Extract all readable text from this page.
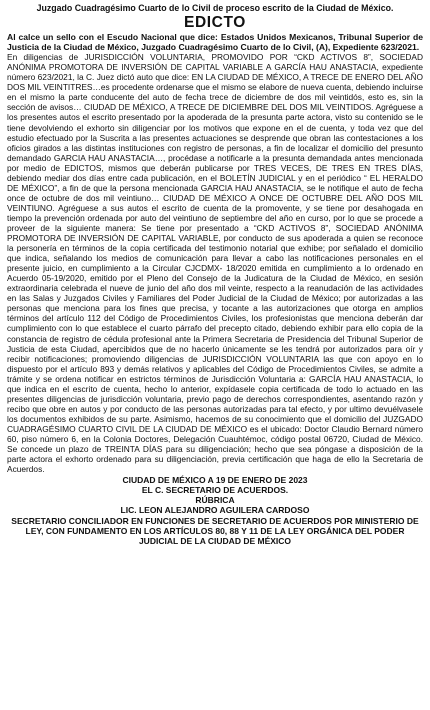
Juzgado Cuadragésimo Cuarto de lo Civil de proceso escrito de la Ciudad de México.
EDICTO
Al calce un sello con el Escudo Nacional que dice: Estados Unidos Mexicanos, Tribunal Superior de Justicia de la Ciudad de México, Juzgado Cuadragésimo Cuarto de lo Civil, (A), Expediente 623/2021.

En diligencias de JURISDICCIÓN VOLUNTARIA, PROMOVIDO POR “CKD ACTIVOS 8”, SOCIEDAD ANÓNIMA PROMOTORA DE INVERSIÓN DE CAPITAL VARIABLE A GARCÍA HAU ANASTACIA, expediente número 623/2021, la C. Juez dictó auto que dice: EN LA CIUDAD DE MÉXICO, A TRECE DE ENERO DEL AÑO DOS MIL VEINTITRES…es procedente ordenarse que el mismo se elabore de nueva cuenta, debiendo incluirse en el mismo la parte conducente del auto de fecha trece de diciembre de dos mil veintidós, esto es, sin la sección de avisos… CIUDAD DE MÉXICO, A TRECE DE DICIEMBRE DEL DOS MIL VEINTIDOS. Agréguese a los presentes autos el escrito presentado por la apoderada de la presunta parte actora, visto su contenido se le tiene devolviendo el exhorto sin diligenciar por los motivos que expone en el de cuenta, y toda vez que del estudio efectuado por la Suscrita a las presentes actuaciones se desprende que obran las contestaciones a los oficios girados a las distintas instituciones con registro de personas, a fin de localizar el domicilio del presunto demandado GARCIA HAU ANASTACIA…, procédase a notificarle a la presunta demandada antes mencionada por medio de EDICTOS, mismos que deberán publicarse por TRES VECES, DE TRES EN TRES DÍAS, debiendo mediar dos días entre cada publicación, en el BOLETÍN JUDICIAL y en el periódico “ EL HERALDO DE MÉXICO”, a fin de que la persona mencionada GARCIA HAU ANASTACIA, se le notifique el auto de fecha once de octubre de dos mil veintiuno… CIUDAD DE MÉXICO A ONCE DE OCTUBRE DEL AÑO DOS MIL VEINTIUNO. Agréguese a sus autos el escrito de cuenta de la promovente, y se tiene por desahogada en tiempo la prevención ordenada por auto del veintiuno de septiembre del año en curso, por lo que se procede a proveer de la siguiente manera: Se tiene por presentado a “CKD ACTIVOS 8”, SOCIEDAD ANÓNIMA PROMOTORA DE INVERSIÓN DE CAPITAL VARIABLE, por conducto de sus apoderada a quien se reconoce la personería en términos de la copia certificada del testimonio notarial que exhibe; por señalado el domicilio que indica, señalando los medios de comunicación para llevar a cabo las notificaciones personales en el presente juicio, en cumplimiento a la Circular CJCDMX- 18/2020 emitida en cumplimiento a lo ordenado en Acuerdo 05-19/2020, emitido por el Pleno del Consejo de la Judicatura de la Ciudad de México, en sesión extraordinaria celebrada el nueve de junio del año dos mil veinte, respecto a la reanudación de las actividades en las Salas y Juzgados Civiles y Familiares del Poder Judicial de la Ciudad de México; por autorizadas a las personas que menciona para los fines que precisa, y tocante a las autorizaciones que otorga en amplios términos del artículo 112 del Código de Procedimientos Civiles, los profesionistas que menciona deberán dar cumplimiento con lo que establece el cuarto párrafo del precepto citado, debiendo exhibir para ello copia de la constancia de registro de cédula profesional ante la Primera Secretaria de Presidencia del Tribunal Superior de Justicia de esta Ciudad, apercibidos que de no hacerlo únicamente se les tendrá por autorizados para oír y recibir notificaciones; promoviendo diligencias de JURISDICCIÓN VOLUNTARIA las que con apoyo en lo dispuesto por el artículo 893 y demás relativos y aplicables del Código de Procedimientos Civiles, se admite a trámite y se ordena notificar en estrictos términos de Jurisdicción Voluntaria a: GARCÍA HAU ANASTACIA, lo que indica en el escrito de cuenta, hecho lo anterior, expídasele copia certificada de todo lo actuado en las presentes diligencias de jurisdicción voluntaria, previo pago de derechos correspondientes, asentando razón y recibo que obre en autos y por conducto de las personas autorizadas para tal efecto, y por ultimo devuélvasele los documentos exhibidos de su parte. Asimismo, hacemos de su conocimiento que el domicilio del JUZGADO CUADRAGÉSIMO CUARTO CIVIL DE LA CIUDAD DE MÉXICO es el ubicado: Doctor Claudio Bernard número 60, piso número 6, en la Colonia Doctores, Delegación Cuauhtémoc, código postal 06720, Ciudad de México. Se concede un plazo de TREINTA DÍAS para su diligenciación; hecho que sea póngase a disposición de la parte actora el exhorto ordenado para su diligenciación, previa certificación que haga de ello la Secretaria de Acuerdos.

CIUDAD DE MÉXICO A 19 DE ENERO DE 2023
EL C. SECRETARIO DE ACUERDOS.
RÚBRICA
LIC. LEON ALEJANDRO AGUILERA CARDOSO
SECRETARIO CONCILIADOR EN FUNCIONES DE SECRETARIO DE ACUERDOS POR MINISTERIO DE LEY, CON FUNDAMENTO EN LOS ARTÍCULOS 80, 88 Y 11 DE LA LEY ORGÁNICA DEL PODER JUDICIAL DE LA CIUDAD DE MÉXICO
